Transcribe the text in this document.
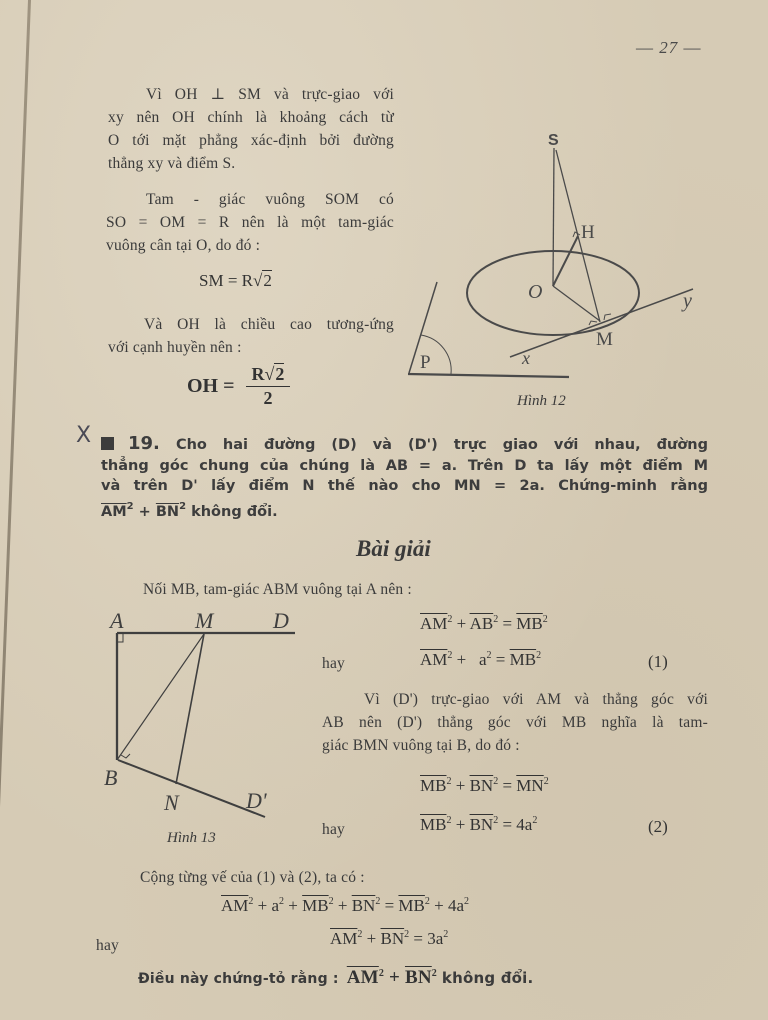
— 27 —
Vì OH ⊥ SM và trực-giao với
xy nên OH chính là khoảng cách từ
O tới mặt phẳng xác-định bởi đường
thẳng xy và điểm S.
Tam - giác vuông SOM có
SO = OM = R nên là một tam-giác
vuông cân tại O, do đó :
SM = R√2
Và OH là chiều cao tương-ứng
với cạnh huyền nên :
OH = $\frac{R√2}{2}$
S
H
O
M
x
y
P
Hình 12
X	19. Cho hai đường (D) và (D') trực giao với nhau, đường
thẳng góc chung của chúng là AB = a. Trên D ta lấy một điểm M
và trên D' lấy điểm N thế nào cho MN = 2a. Chứng-minh rằng
$\overline{AM}^2 + \overline{BN}^2$ không đổi.
Bài giải
Nối MB, tam-giác ABM vuông tại A nên :
A	M	D
B
N	D'
Hình 13
$\overline{AM}^2 + \overline{AB}^2 = \overline{MB}^2$
hay	$\overline{AM}^2 + a^2 = \overline{MB}^2$	(1)
Vì (D') trực-giao với AM và thẳng góc với
AB nên (D') thẳng góc với MB nghĩa là tam-
giác BMN vuông tại B, do đó :
$\overline{MB}^2 + \overline{BN}^2 = \overline{MN}^2$
hay	$\overline{MB}^2 + \overline{BN}^2 = 4a^2$	(2)
Cộng từng vế của (1) và (2), ta có :
$\overline{AM}^2 + a^2 + \overline{MB}^2 + \overline{BN}^2 = \overline{MB}^2 + 4a^2$
hay	$\overline{AM}^2 + \overline{BN}^2 = 3a^2$
Điều này chứng-tỏ rằng : $\overline{AM}^2 + \overline{BN}^2$ không đổi.
